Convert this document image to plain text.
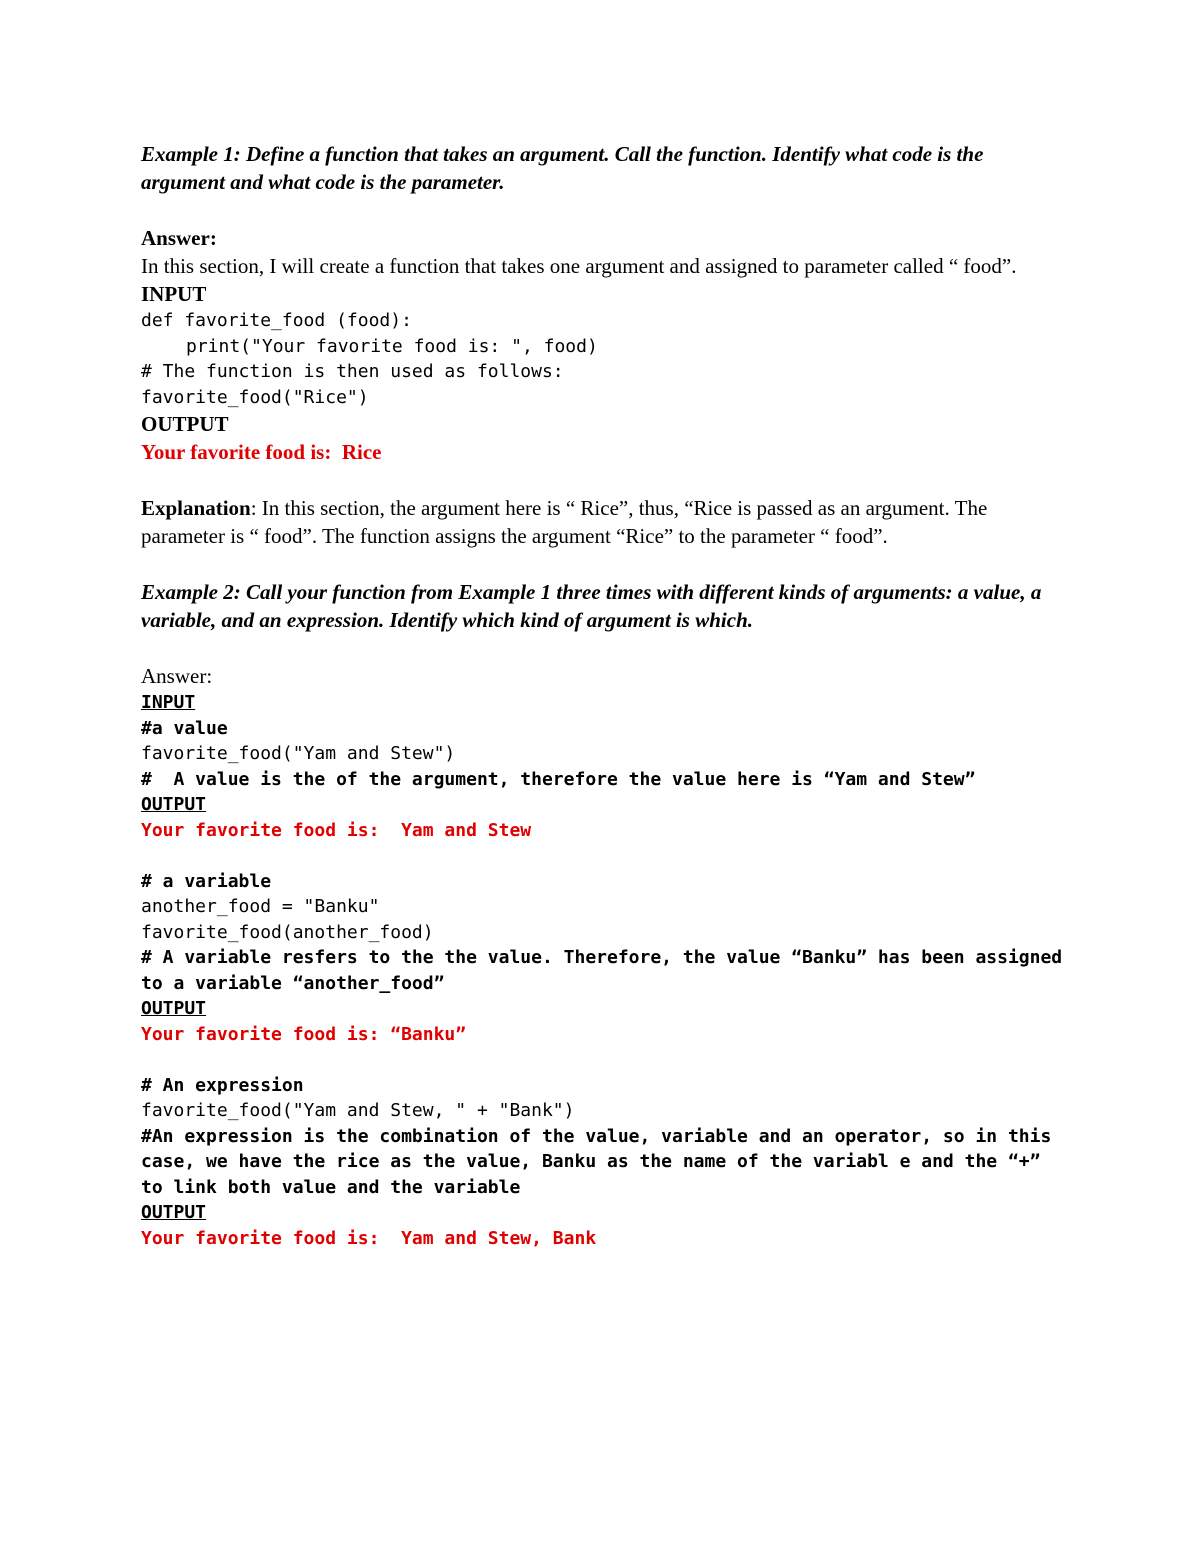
Example 1: Define a function that takes an argument. Call the function. Identify what code is the argument and what code is the parameter.

Answer:

In this section, I will create a function that takes one argument and assigned to parameter called “ food”.

INPUT

def favorite_food (food):

print("Your favorite food is: ", food)

# The function is then used as follows:

favorite_food("Rice")

OUTPUT

Your favorite food is:  Rice

Explanation: In this section, the argument here is “ Rice”, thus, “Rice is passed as an argument. The parameter is “ food”. The function assigns the argument “Rice” to the parameter “ food”.

Example 2: Call your function from Example 1 three times with different kinds of arguments: a value, a variable, and an expression. Identify which kind of argument is which.

Answer:

INPUT

#a value

favorite_food("Yam and Stew")

#  A value is the of the argument, therefore the value here is “Yam and Stew”

OUTPUT

Your favorite food is:  Yam and Stew

# a variable

another_food = "Banku"

favorite_food(another_food)

# A variable resfers to the the value. Therefore, the value “Banku” has been assigned to a variable “another_food”

OUTPUT

Your favorite food is: “Banku”

# An expression

favorite_food("Yam and Stew, " + "Bank")

#An expression is the combination of the value, variable and an operator, so in this case, we have the rice as the value, Banku as the name of the variabl e and the “+” to link both value and the variable

OUTPUT

Your favorite food is:  Yam and Stew, Bank
